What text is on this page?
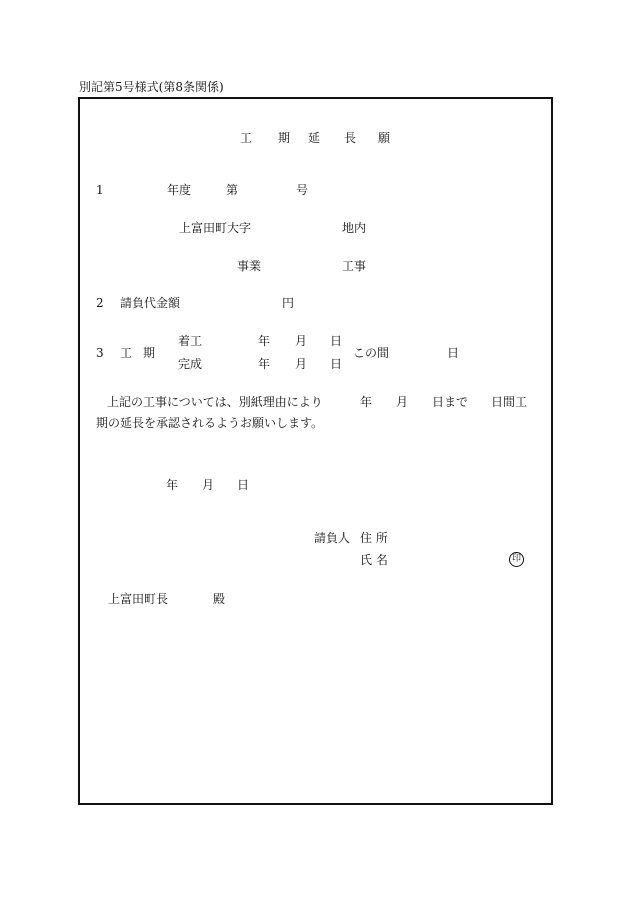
別記第5号様式(第8条関係)
工 期 延 長 願
1	年度	第	号
上富田町大字	地内
事業	工事
2 請負代金額	円
3 工 期
着工	年 月 日
完成	年 月 日
この間	日
上記の工事については、別紙理由により	年 月 日まで 日間工
期の延長を承認されるようお願いします。
年 月 日
請負人 住 所
氏 名	印
上富田町長	殿
